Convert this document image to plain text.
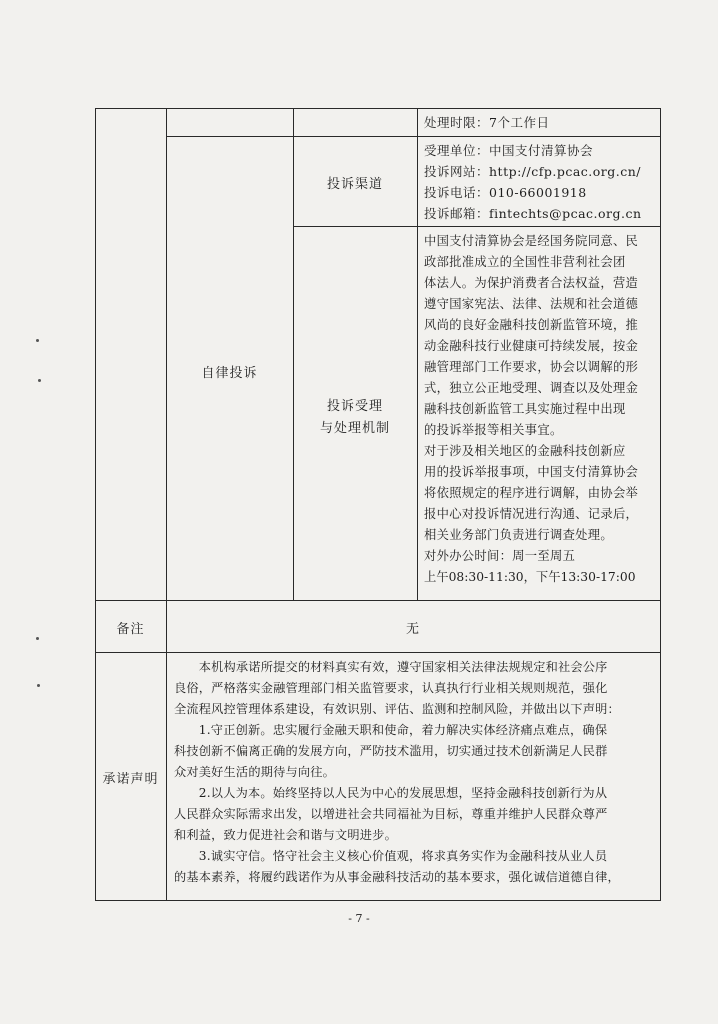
处理时限：7个工作日
自律投诉
投诉渠道
受理单位：中国支付清算协会
投诉网站：http://cfp.pcac.org.cn/
投诉电话：010-66001918
投诉邮箱：fintechts@pcac.org.cn
投诉受理
与处理机制
中国支付清算协会是经国务院同意、民
政部批准成立的全国性非营利社会团
体法人。为保护消费者合法权益，营造
遵守国家宪法、法律、法规和社会道德
风尚的良好金融科技创新监管环境，推
动金融科技行业健康可持续发展，按金
融管理部门工作要求，协会以调解的形
式，独立公正地受理、调查以及处理金
融科技创新监管工具实施过程中出现
的投诉举报等相关事宜。
对于涉及相关地区的金融科技创新应
用的投诉举报事项，中国支付清算协会
将依照规定的程序进行调解，由协会举
报中心对投诉情况进行沟通、记录后，
相关业务部门负责进行调查处理。
对外办公时间：周一至周五
上午08:30-11:30，下午13:30-17:00
备注	无
承诺声明
　　本机构承诺所提交的材料真实有效，遵守国家相关法律法规规定和社会公序
良俗，严格落实金融管理部门相关监管要求，认真执行行业相关规则规范，强化
全流程风控管理体系建设，有效识别、评估、监测和控制风险，并做出以下声明：
　　1.守正创新。忠实履行金融天职和使命，着力解决实体经济痛点难点，确保
科技创新不偏离正确的发展方向，严防技术滥用，切实通过技术创新满足人民群
众对美好生活的期待与向往。
　　2.以人为本。始终坚持以人民为中心的发展思想，坚持金融科技创新行为从
人民群众实际需求出发，以增进社会共同福祉为目标，尊重并维护人民群众尊严
和利益，致力促进社会和谐与文明进步。
　　3.诚实守信。恪守社会主义核心价值观，将求真务实作为金融科技从业人员
的基本素养，将履约践诺作为从事金融科技活动的基本要求，强化诚信道德自律，
- 7 -
